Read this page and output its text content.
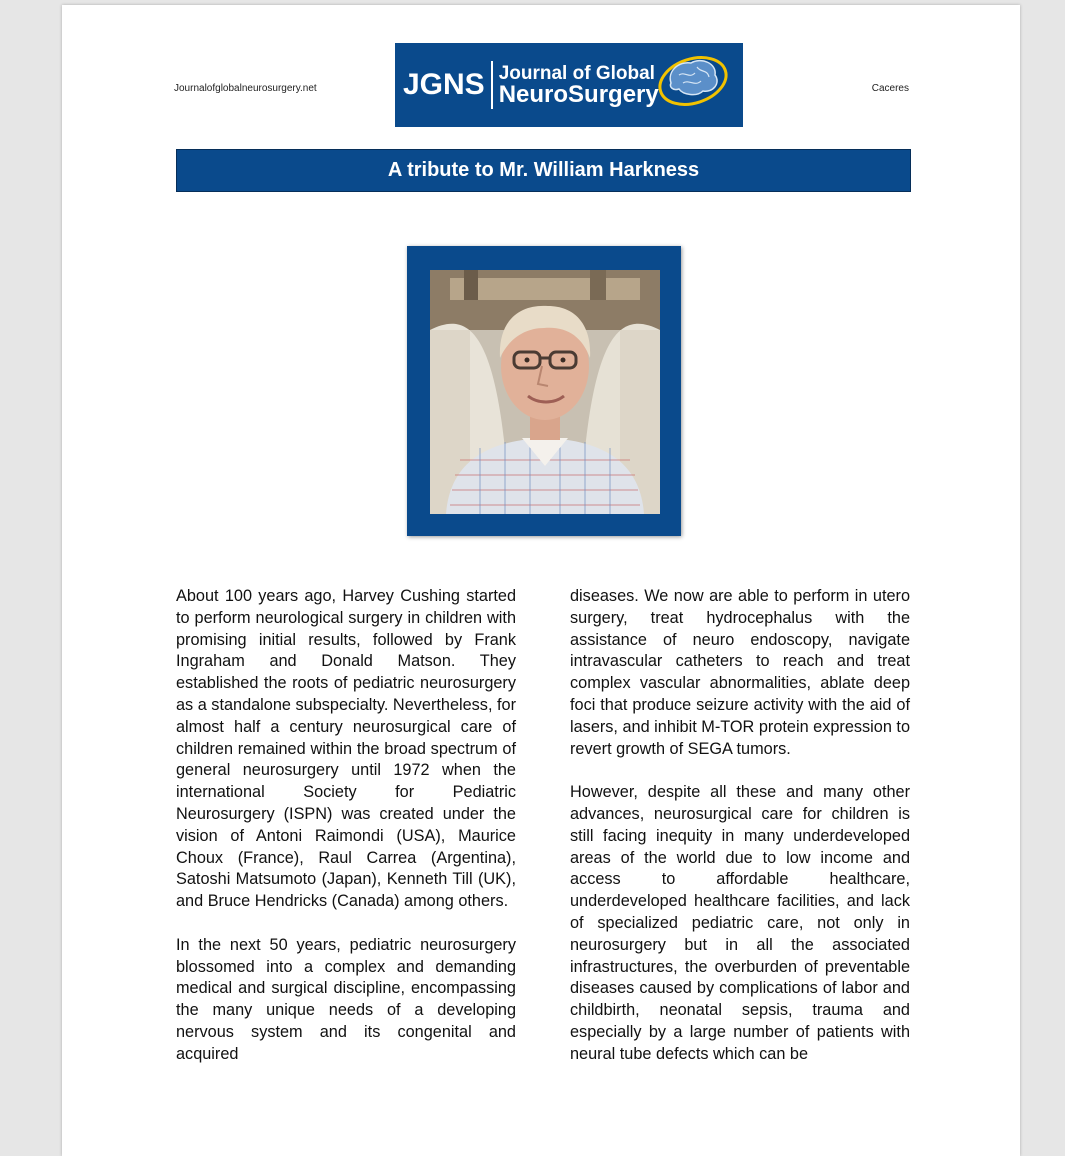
Journalofglobalneurosurgery.net	JGNS Journal of Global
NeuroSurgery	Caceres
A tribute to Mr. William Harkness

About 100 years ago, Harvey Cushing started to perform neurological surgery in children with promising initial results, followed by Frank Ingraham and Donald Matson. They established the roots of pediatric neurosurgery as a standalone subspecialty. Nevertheless, for almost half a century neurosurgical care of children remained within the broad spectrum of general neurosurgery until 1972 when the international Society for Pediatric Neurosurgery (ISPN) was created under the vision of Antoni Raimondi (USA), Maurice Choux (France), Raul Carrea (Argentina), Satoshi Matsumoto (Japan), Kenneth Till (UK), and Bruce Hendricks (Canada) among others.

In the next 50 years, pediatric neurosurgery blossomed into a complex and demanding medical and surgical discipline, encompassing the many unique needs of a developing nervous system and its congenital and acquired

diseases. We now are able to perform in utero surgery, treat hydrocephalus with the assistance of neuro endoscopy, navigate intravascular catheters to reach and treat complex vascular abnormalities, ablate deep foci that produce seizure activity with the aid of lasers, and inhibit M-TOR protein expression to revert growth of SEGA tumors.

However, despite all these and many other advances, neurosurgical care for children is still facing inequity in many underdeveloped areas of the world due to low income and access to affordable healthcare, underdeveloped healthcare facilities, and lack of specialized pediatric care, not only in neurosurgery but in all the associated infrastructures, the overburden of preventable diseases caused by complications of labor and childbirth, neonatal sepsis, trauma and especially by a large number of patients with neural tube defects which can be
